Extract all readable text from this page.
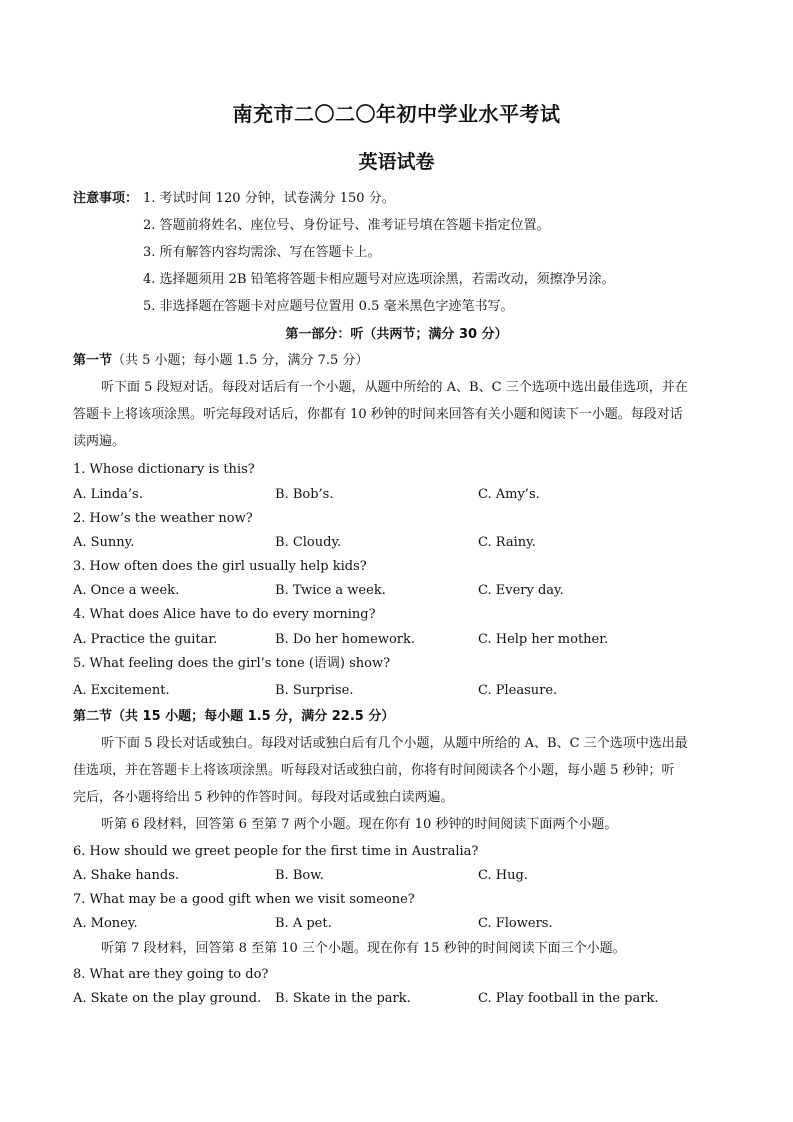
南充市二〇二〇年初中学业水平考试
英语试卷
注意事项： 1. 考试时间 120 分钟，试卷满分 150 分。
2. 答题前将姓名、座位号、身份证号、准考证号填在答题卡指定位置。
3. 所有解答内容均需涂、写在答题卡上。
4. 选择题须用 2B 铅笔将答题卡相应题号对应选项涂黑，若需改动，须擦净另涂。
5. 非选择题在答题卡对应题号位置用 0.5 毫米黑色字迹笔书写。
第一部分：听（共两节；满分 30 分）
第一节（共 5 小题；每小题 1.5 分，满分 7.5 分）
听下面 5 段短对话。每段对话后有一个小题，从题中所给的 A、B、C 三个选项中选出最佳选项，并在
答题卡上将该项涂黑。听完每段对话后，你都有 10 秒钟的时间来回答有关小题和阅读下一小题。每段对话
读两遍。
1. Whose dictionary is this?
A. Linda’s.	B. Bob’s.	C. Amy’s.
2. How’s the weather now?
A. Sunny.	B. Cloudy.	C. Rainy.
3. How often does the girl usually help kids?
A. Once a week.	B. Twice a week.	C. Every day.
4. What does Alice have to do every morning?
A. Practice the guitar.	B. Do her homework.	C. Help her mother.
5. What feeling does the girl’s tone (语调) show?
A. Excitement.	B. Surprise.	C. Pleasure.
第二节（共 15 小题；每小题 1.5 分，满分 22.5 分）
听下面 5 段长对话或独白。每段对话或独白后有几个小题，从题中所给的 A、B、C 三个选项中选出最
佳选项，并在答题卡上将该项涂黑。听每段对话或独白前，你将有时间阅读各个小题，每小题 5 秒钟；听
完后，各小题将给出 5 秒钟的作答时间。每段对话或独白读两遍。
听第 6 段材料，回答第 6 至第 7 两个小题。现在你有 10 秒钟的时间阅读下面两个小题。
6. How should we greet people for the first time in Australia?
A. Shake hands.	B. Bow.	C. Hug.
7. What may be a good gift when we visit someone?
A. Money.	B. A pet.	C. Flowers.
听第 7 段材料，回答第 8 至第 10 三个小题。现在你有 15 秒钟的时间阅读下面三个小题。
8. What are they going to do?
A. Skate on the play ground. B. Skate in the park.	C. Play football in the park.
